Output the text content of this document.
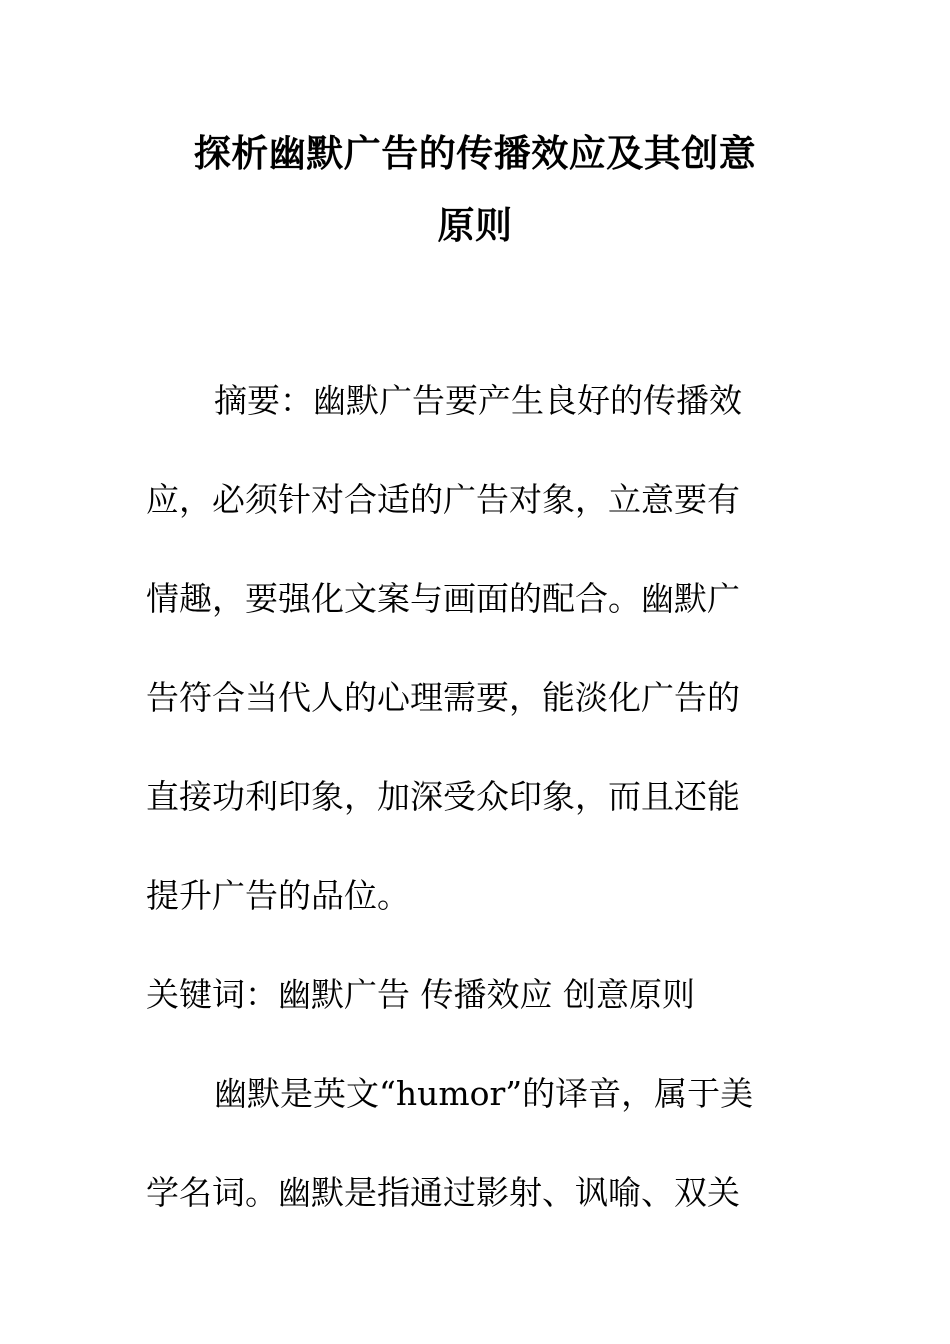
探析幽默广告的传播效应及其创意
原则
摘要：幽默广告要产生良好的传播效
应，必须针对合适的广告对象，立意要有
情趣，要强化文案与画面的配合。幽默广
告符合当代人的心理需要，能淡化广告的
直接功利印象，加深受众印象，而且还能
提升广告的品位。
关键词：幽默广告 传播效应 创意原则
幽默是英文“humor”的译音，属于美
学名词。幽默是指通过影射、讽喻、双关
